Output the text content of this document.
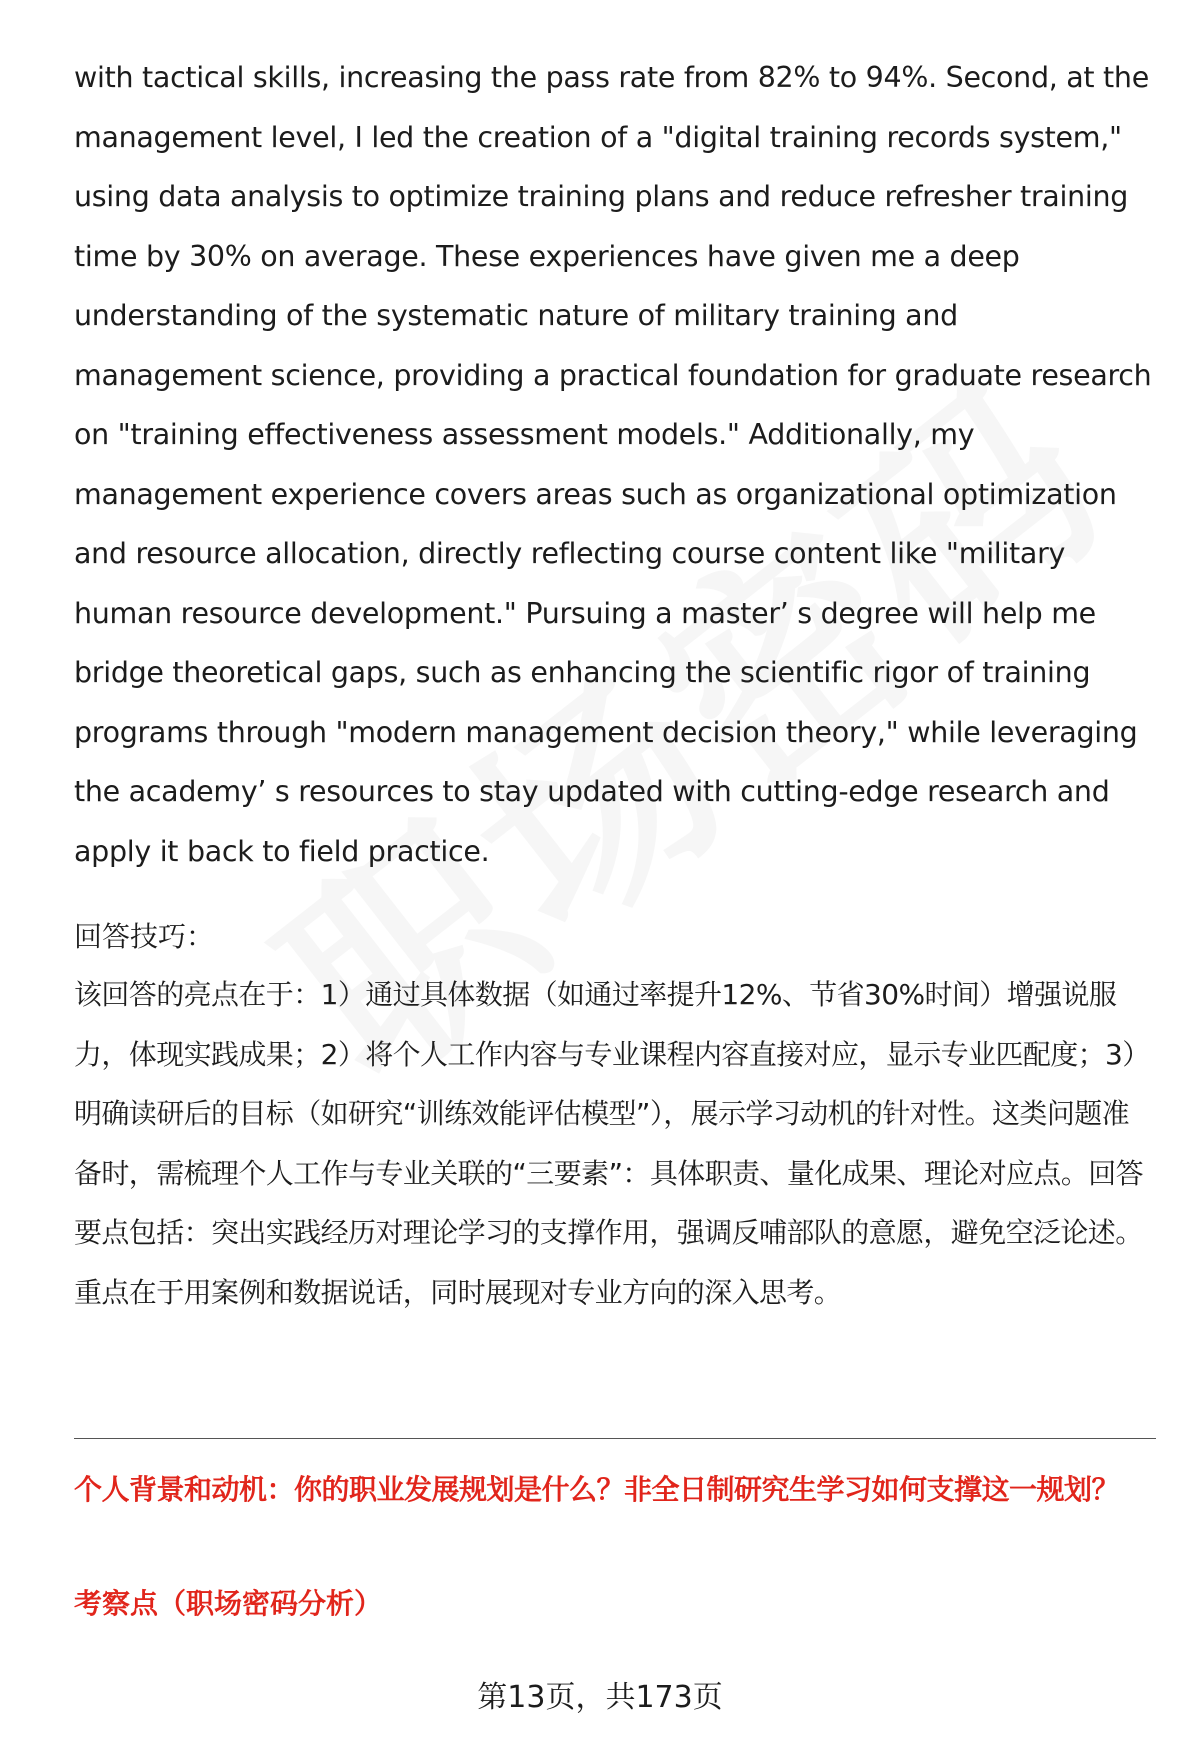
with tactical skills, increasing the pass rate from 82% to 94%. Second, at the management level, I led the creation of a "digital training records system," using data analysis to optimize training plans and reduce refresher training time by 30% on average. These experiences have given me a deep understanding of the systematic nature of military training and management science, providing a practical foundation for graduate research on "training effectiveness assessment models." Additionally, my management experience covers areas such as organizational optimization and resource allocation, directly reflecting course content like "military human resource development." Pursuing a master’ s degree will help me bridge theoretical gaps, such as enhancing the scientific rigor of training programs through "modern management decision theory," while leveraging the academy’ s resources to stay updated with cutting-edge research and apply it back to field practice.

回答技巧：

该回答的亮点在于：1）通过具体数据（如通过率提升12%、节省30%时间）增强说服力，体现实践成果；2）将个人工作内容与专业课程内容直接对应，显示专业匹配度；3）明确读研后的目标（如研究“训练效能评估模型”），展示学习动机的针对性。这类问题准备时，需梳理个人工作与专业关联的“三要素”：具体职责、量化成果、理论对应点。回答要点包括：突出实践经历对理论学习的支撑作用，强调反哺部队的意愿，避免空泛论述。重点在于用案例和数据说话，同时展现对专业方向的深入思考。

个人背景和动机：你的职业发展规划是什么？非全日制研究生学习如何支撑这一规划？

考察点（职场密码分析）

第13页，共173页
